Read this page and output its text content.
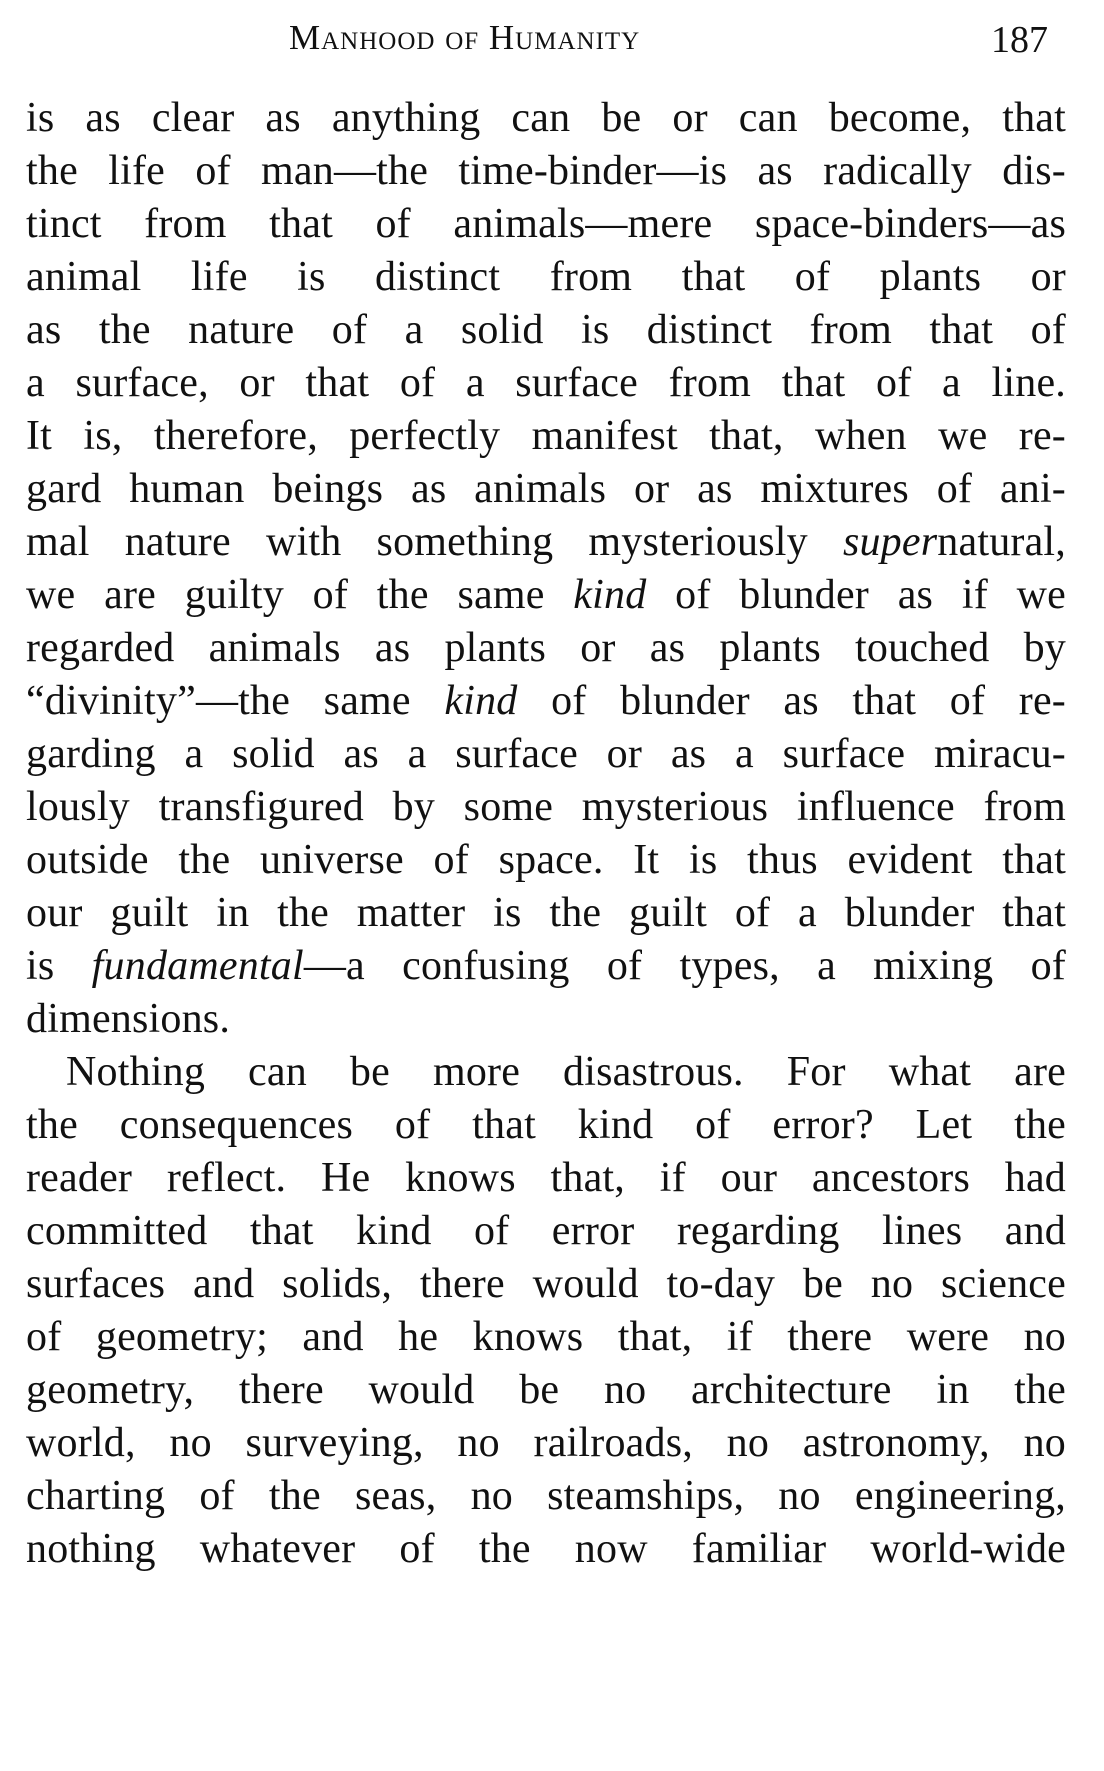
Manhood of Humanity	187

is as clear as anything can be or can become, that
the life of man—the time-binder—is as radically dis-
tinct from that of animals—mere space-binders—as
animal life is distinct from that of plants or
as the nature of a solid is distinct from that of
a surface, or that of a surface from that of a line.
It is, therefore, perfectly manifest that, when we re-
gard human beings as animals or as mixtures of ani-
mal nature with something mysteriously supernatural,
we are guilty of the same kind of blunder as if we
regarded animals as plants or as plants touched by
“divinity”—the same kind of blunder as that of re-
garding a solid as a surface or as a surface miracu-
lously transfigured by some mysterious influence from
outside the universe of space. It is thus evident that
our guilt in the matter is the guilt of a blunder that
is fundamental—a confusing of types, a mixing of
dimensions.

Nothing can be more disastrous. For what are
the consequences of that kind of error? Let the
reader reflect. He knows that, if our ancestors had
committed that kind of error regarding lines and
surfaces and solids, there would to-day be no science
of geometry; and he knows that, if there were no
geometry, there would be no architecture in the
world, no surveying, no railroads, no astronomy, no
charting of the seas, no steamships, no engineering,
nothing whatever of the now familiar world-wide
